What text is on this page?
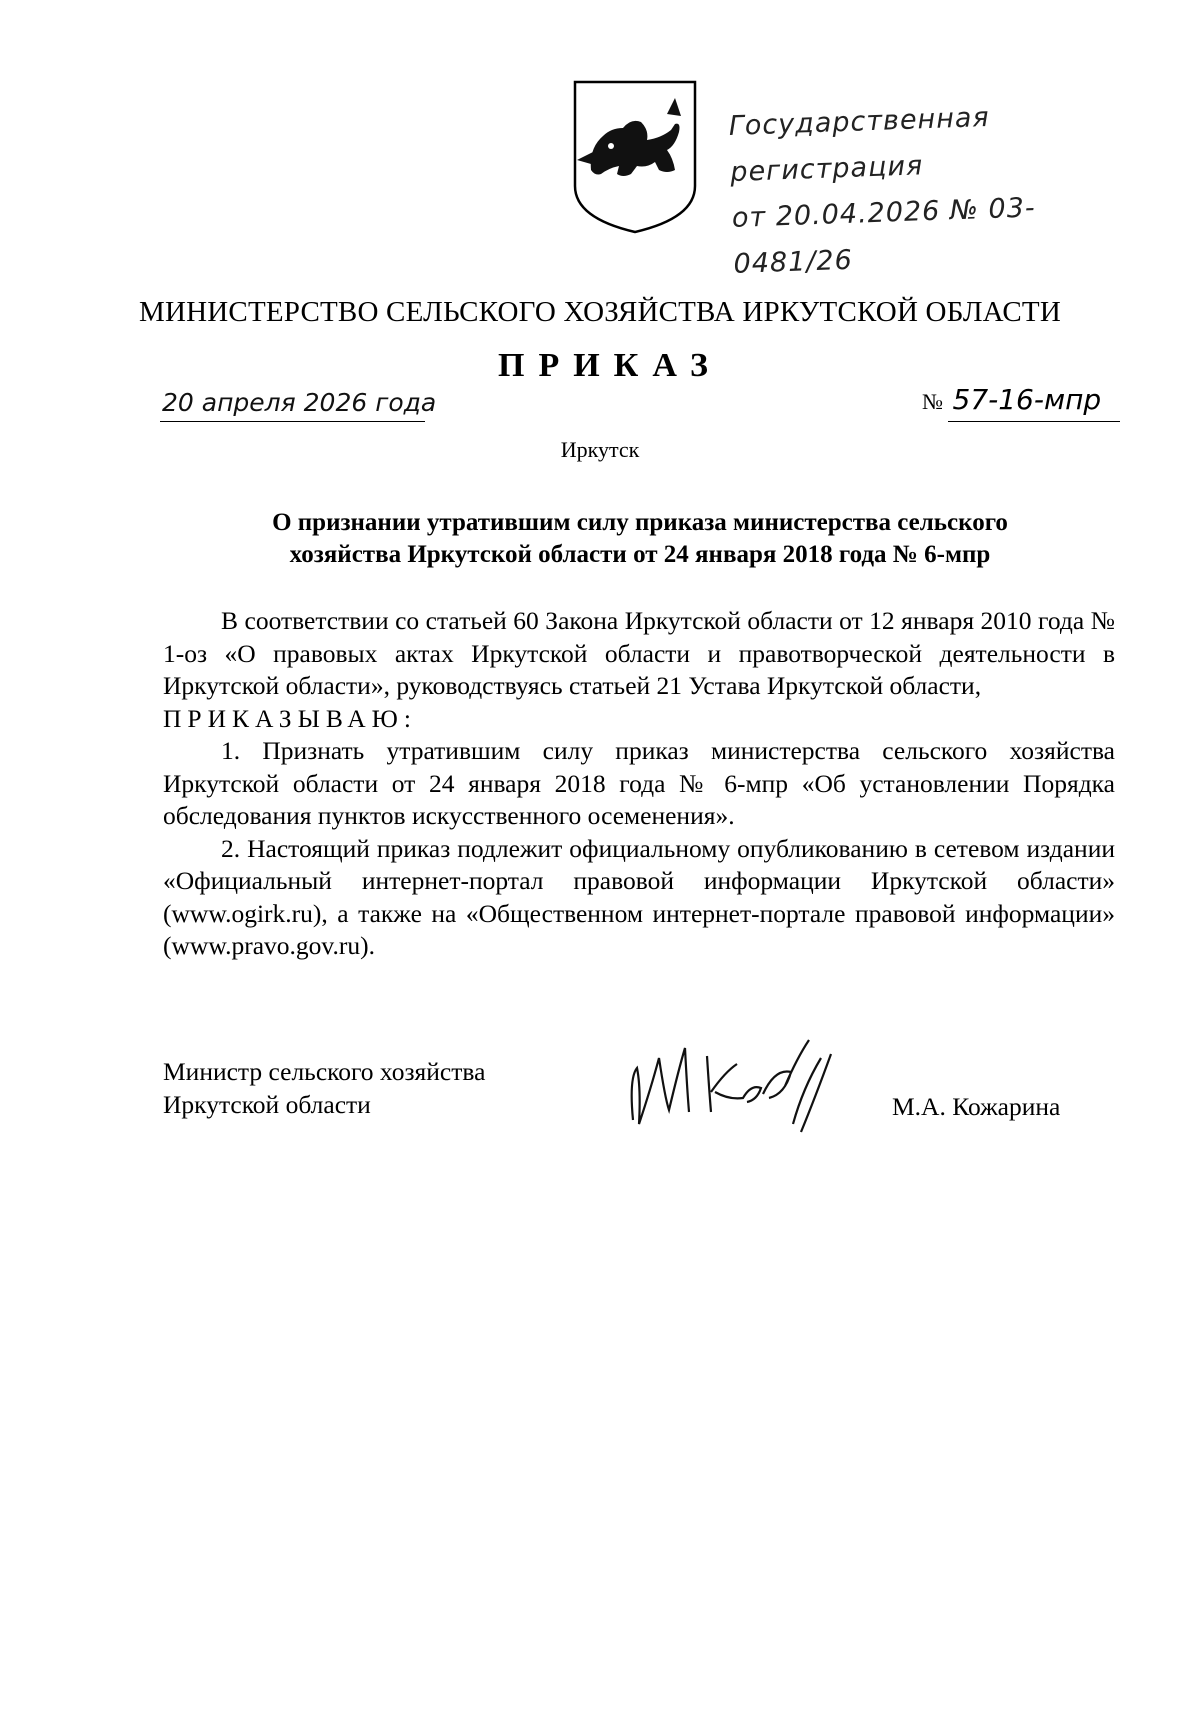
Государственная регистрация
от 20.04.2026 № 03-0481/26
МИНИСТЕРСТВО СЕЛЬСКОГО ХОЗЯЙСТВА ИРКУТСКОЙ ОБЛАСТИ
ПРИКАЗ
20 апреля 2026 года	№ 57-16-мпр
Иркутск
О признании утратившим силу приказа министерства сельского
хозяйства Иркутской области от 24 января 2018 года № 6-мпр

В соответствии со статьей 60 Закона Иркутской области от 12 января 2010 года № 1-оз «О правовых актах Иркутской области и правотворческой деятельности в Иркутской области», руководствуясь статьей 21 Устава Иркутской области,

ПРИКАЗЫВАЮ:

1. Признать утратившим силу приказ министерства сельского хозяйства Иркутской области от 24 января 2018 года № 6-мпр «Об установлении Порядка обследования пунктов искусственного осеменения».

2. Настоящий приказ подлежит официальному опубликованию в сетевом издании «Официальный интернет-портал правовой информации Иркутской области» (www.ogirk.ru), а также на «Общественном интернет-портале правовой информации» (www.pravo.gov.ru).

Министр сельского хозяйства
Иркутской области	М.А. Кожарина
